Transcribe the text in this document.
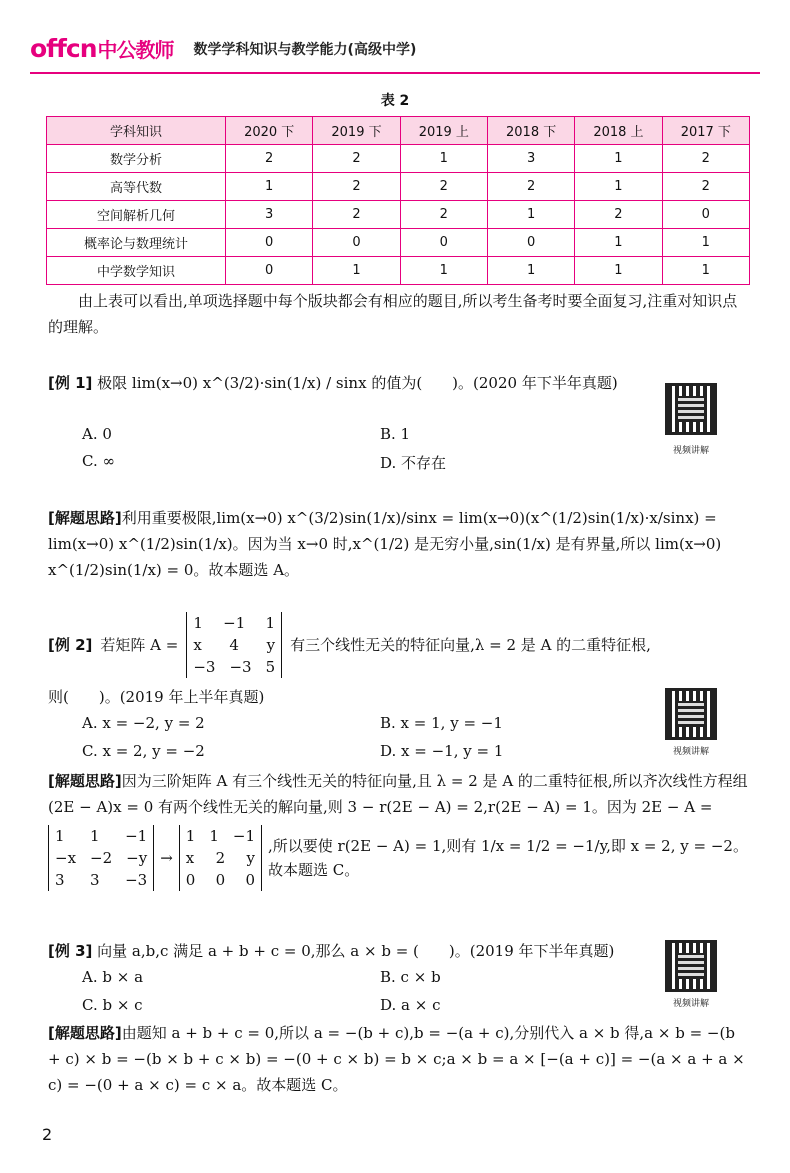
offcn中公教师 数学学科知识与教学能力(高级中学)
表 2
学科知识	2020 下	2019 下	2019 上	2018 下	2018 上	2017 下
数学分析	2	2	1	3	1	2
高等代数	1	2	2	2	1	2
空间解析几何	3	2	2	1	2	0
概率论与数理统计	0	0	0	0	1	1
中学数学知识	0	1	1	1	1	1
由上表可以看出,单项选择题中每个版块都会有相应的题目,所以考生备考时要全面复习,注重对知识点的理解。
[例 1] 极限 lim(x→0) x^(3/2)·sin(1/x) / sinx 的值为(　　)。(2020 年下半年真题)
A. 0	B. 1
C. ∞	D. 不存在
视频讲解
[解题思路]利用重要极限,lim(x→0) x^(3/2)sin(1/x)/sinx = lim(x→0)(x^(1/2)sin(1/x)·x/sinx) = lim(x→0) x^(1/2)sin(1/x)。因为当 x→0 时,x^(1/2) 是无穷小量,sin(1/x) 是有界量,所以 lim(x→0) x^(1/2)sin(1/x) = 0。故本题选 A。
[例 2] 若矩阵 A =
1 −1 1
x 4 y
−3 −3 5
有三个线性无关的特征向量,λ = 2 是 A 的二重特征根,
则(　　)。(2019 年上半年真题)
A. x = −2, y = 2	B. x = 1, y = −1
C. x = 2, y = −2	D. x = −1, y = 1	视频讲解
[解题思路]因为三阶矩阵 A 有三个线性无关的特征向量,且 λ = 2 是 A 的二重特征根,所以齐次线性方程组(2E − A)x = 0 有两个线性无关的解向量,则 3 − r(2E − A) = 2,r(2E − A) = 1。因为 2E − A =
1 1 −1
−x −2 −y
3 3 −3
→
1 1 −1
x 2 y
0 0 0
,所以要使 r(2E − A) = 1,则有 1/x = 1/2 = −1/y,即 x = 2, y = −2。故本题选 C。
[例 3] 向量 a,b,c 满足 a + b + c = 0,那么 a × b = (　　)。(2019 年下半年真题)
A. b × a	B. c × b
C. b × c	D. a × c	视频讲解
[解题思路]由题知 a + b + c = 0,所以 a = −(b + c),b = −(a + c),分别代入 a × b 得,a × b = −(b + c) × b = −(b × b + c × b) = −(0 + c × b) = b × c;a × b = a × [−(a + c)] = −(a × a + a × c) = −(0 + a × c) = c × a。故本题选 C。
2
